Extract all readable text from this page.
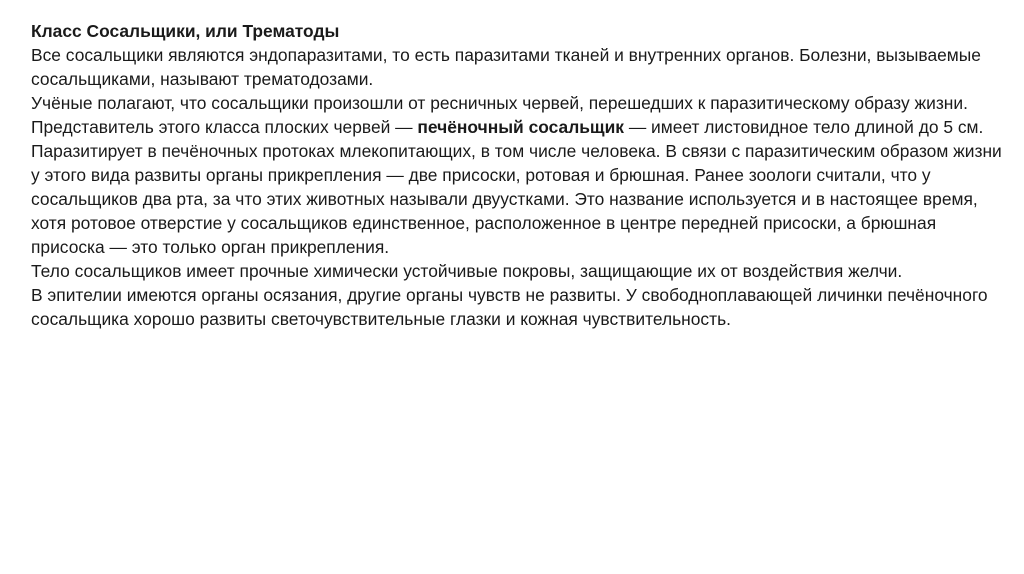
Класс Сосальщики, или Трематоды

Все сосальщики являются эндопаразитами, то есть паразитами тканей и внутренних органов. Болезни, вызываемые сосальщиками, называют трематодозами.

Учёные полагают, что сосальщики произошли от ресничных червей, перешедших к паразитическому образу жизни.

Представитель этого класса плоских червей — печёночный сосальщик — имеет листовидное тело длиной до 5 см. Паразитирует в печёночных протоках млекопитающих, в том числе человека. В связи с паразитическим образом жизни у этого вида развиты органы прикрепления — две присоски, ротовая и брюшная. Ранее зоологи считали, что у сосальщиков два рта, за что этих животных называли двуустками. Это название используется и в настоящее время, хотя ротовое отверстие у сосальщиков единственное, расположенное в центре передней присоски, а брюшная присоска — это только орган прикрепления.

Тело сосальщиков имеет прочные химически устойчивые покровы, защищающие их от воздействия желчи.

В эпителии имеются органы осязания, другие органы чувств не развиты. У свободноплавающей личинки печёночного сосальщика хорошо развиты светочувствительные глазки и кожная чувствительность.
